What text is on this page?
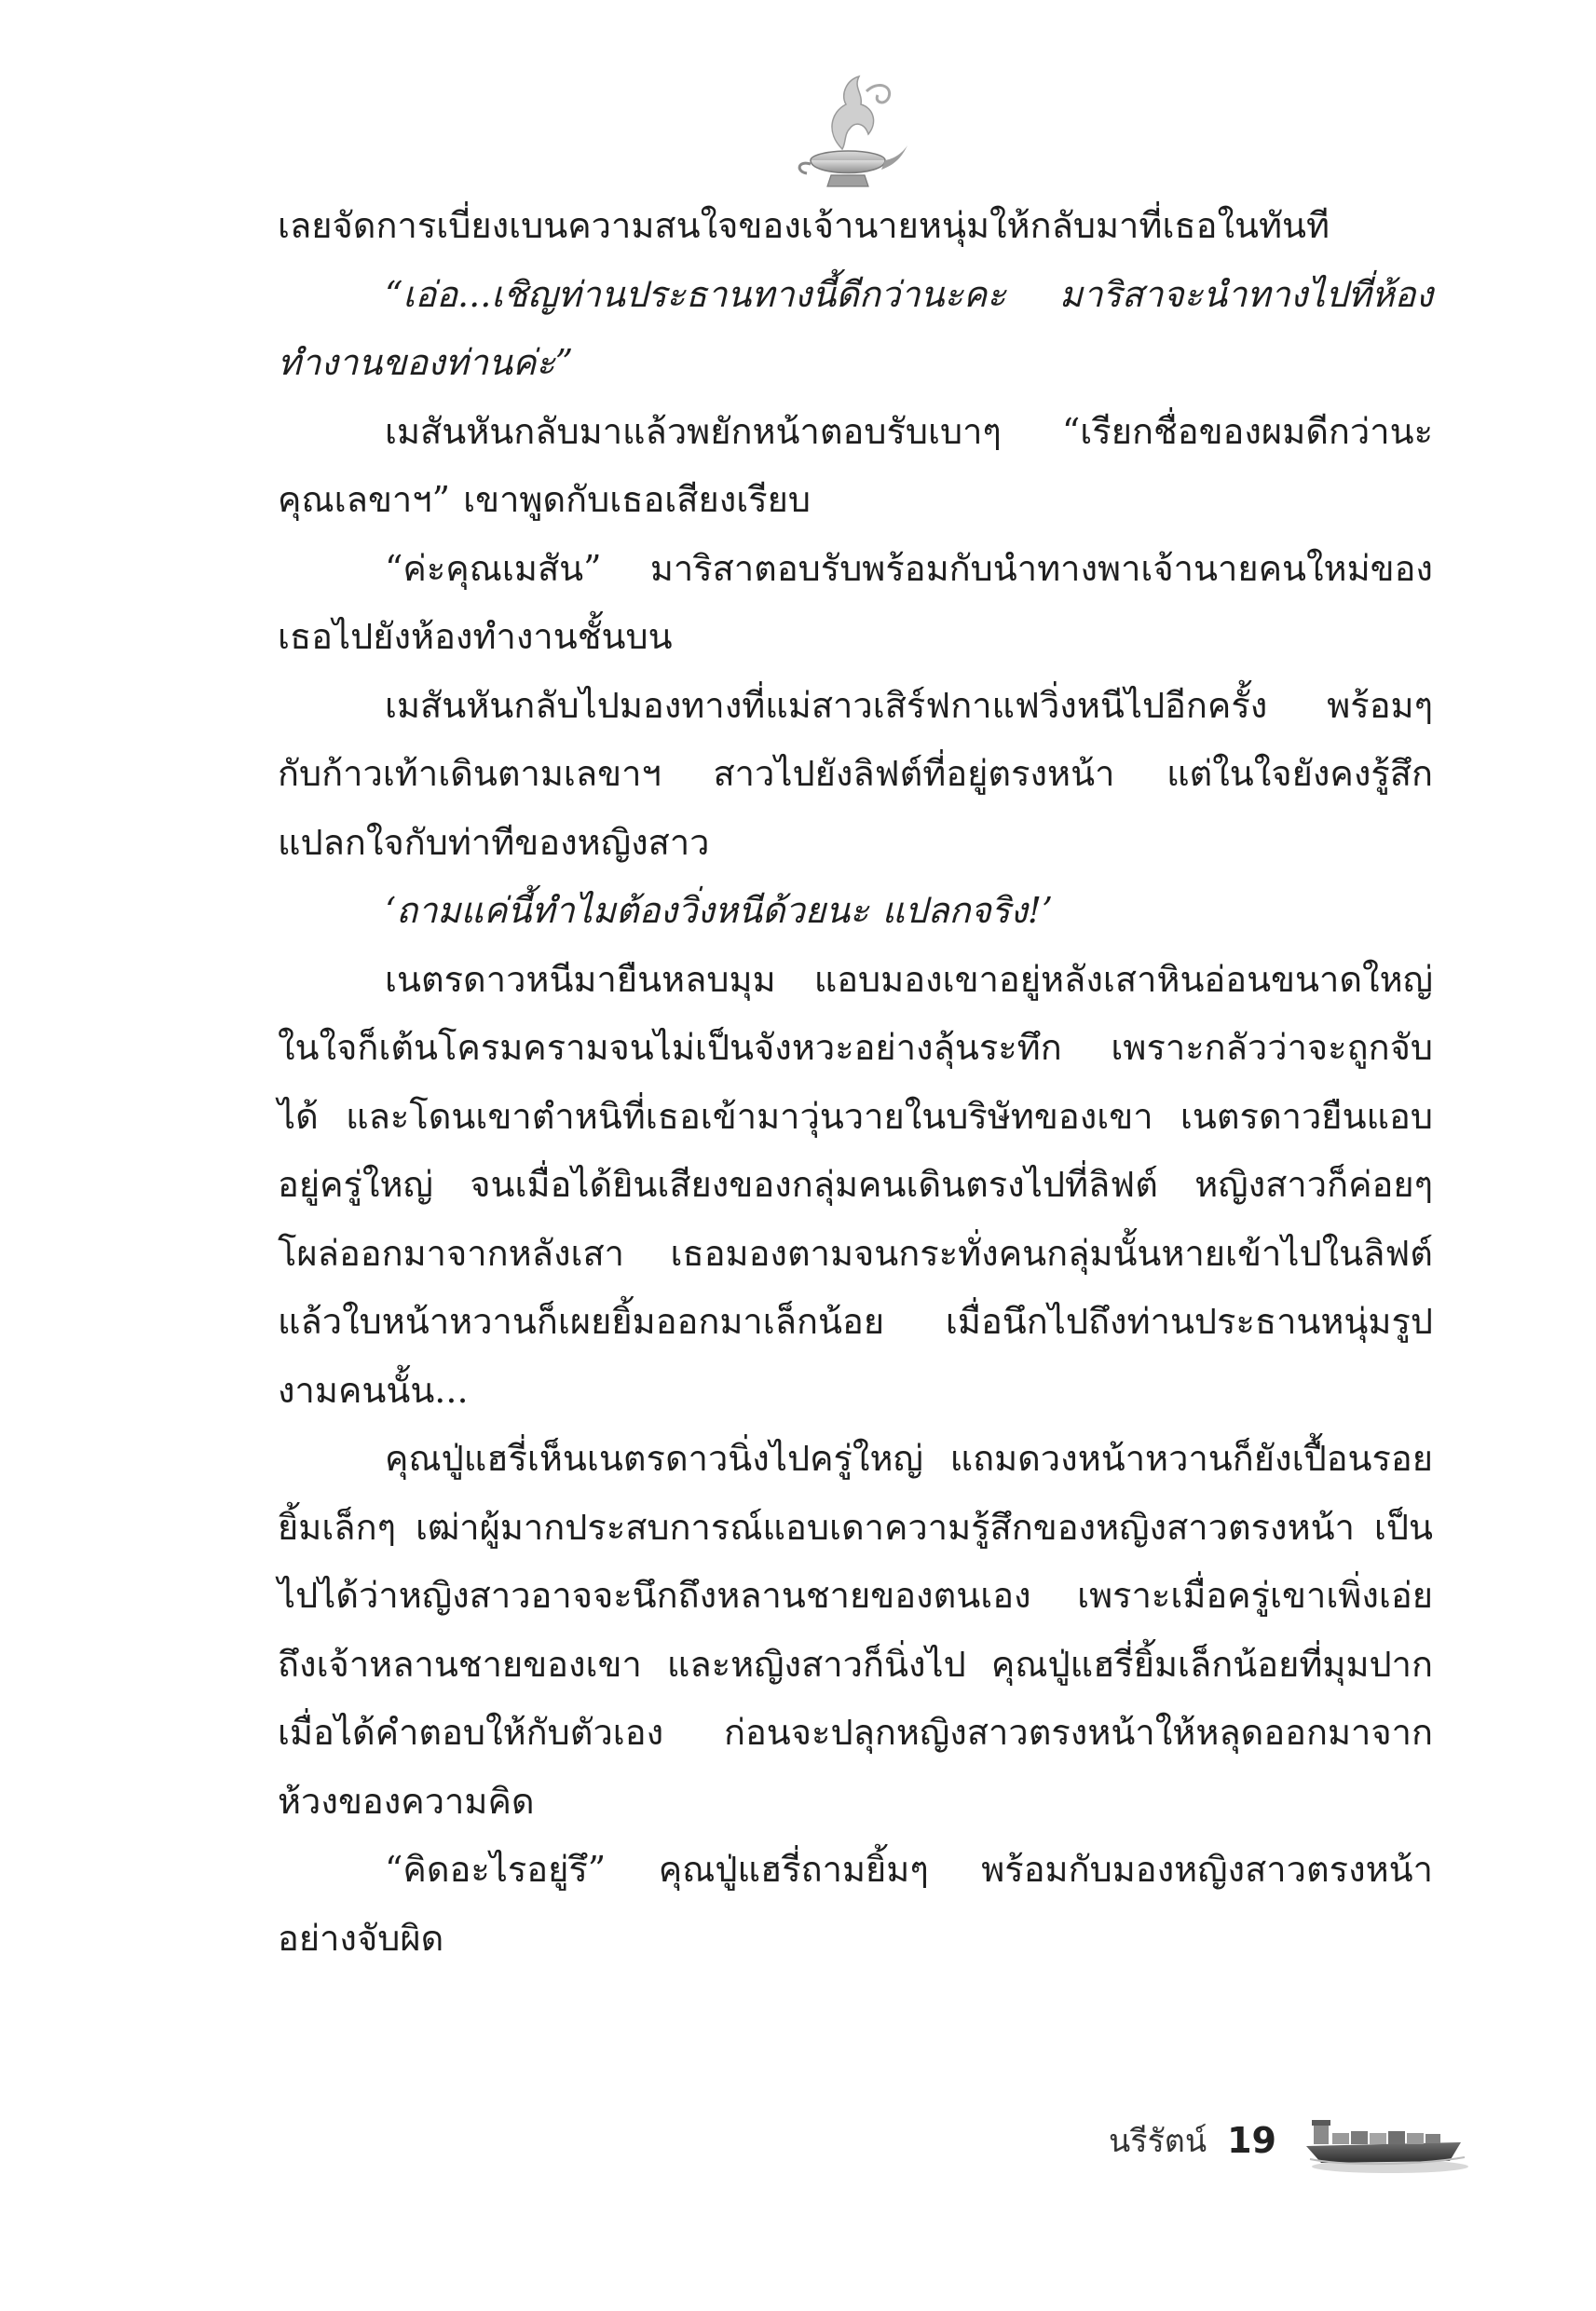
เลยจัดการเบี่ยงเบนความสนใจของเจ้านายหนุ่มให้กลับมาที่เธอในทันที

“เอ่อ...เชิญท่านประธานทางนี้ดีกว่านะคะ มาริสาจะนำทางไปที่ห้องทำงานของท่านค่ะ”

เมสันหันกลับมาแล้วพยักหน้าตอบรับเบาๆ “เรียกชื่อของผมดีกว่านะคุณเลขาฯ” เขาพูดกับเธอเสียงเรียบ

“ค่ะคุณเมสัน” มาริสาตอบรับพร้อมกับนำทางพาเจ้านายคนใหม่ของเธอไปยังห้องทำงานชั้นบน

เมสันหันกลับไปมองทางที่แม่สาวเสิร์ฟกาแฟวิ่งหนีไปอีกครั้ง พร้อมๆ กับก้าวเท้าเดินตามเลขาฯ สาวไปยังลิฟต์ที่อยู่ตรงหน้า แต่ในใจยังคงรู้สึกแปลกใจกับท่าทีของหญิงสาว

‘ถามแค่นี้ทำไมต้องวิ่งหนีด้วยนะ แปลกจริง!’

เนตรดาวหนีมายืนหลบมุม แอบมองเขาอยู่หลังเสาหินอ่อนขนาดใหญ่ ในใจก็เต้นโครมครามจนไม่เป็นจังหวะอย่างลุ้นระทึก เพราะกลัวว่าจะถูกจับได้ และโดนเขาตำหนิที่เธอเข้ามาวุ่นวายในบริษัทของเขา เนตรดาวยืนแอบอยู่ครู่ใหญ่ จนเมื่อได้ยินเสียงของกลุ่มคนเดินตรงไปที่ลิฟต์ หญิงสาวก็ค่อยๆ โผล่ออกมาจากหลังเสา เธอมองตามจนกระทั่งคนกลุ่มนั้นหายเข้าไปในลิฟต์ แล้วใบหน้าหวานก็เผยยิ้มออกมาเล็กน้อย เมื่อนึกไปถึงท่านประธานหนุ่มรูปงามคนนั้น...

คุณปู่แฮรี่เห็นเนตรดาวนิ่งไปครู่ใหญ่ แถมดวงหน้าหวานก็ยังเปื้อนรอยยิ้มเล็กๆ เฒ่าผู้มากประสบการณ์แอบเดาความรู้สึกของหญิงสาวตรงหน้า เป็นไปได้ว่าหญิงสาวอาจจะนึกถึงหลานชายของตนเอง เพราะเมื่อครู่เขาเพิ่งเอ่ยถึงเจ้าหลานชายของเขา และหญิงสาวก็นิ่งไป คุณปู่แฮรี่ยิ้มเล็กน้อยที่มุมปากเมื่อได้คำตอบให้กับตัวเอง ก่อนจะปลุกหญิงสาวตรงหน้าให้หลุดออกมาจากห้วงของความคิด

“คิดอะไรอยู่รึ” คุณปู่แฮรี่ถามยิ้มๆ พร้อมกับมองหญิงสาวตรงหน้าอย่างจับผิด

นรีรัตน์ 19
